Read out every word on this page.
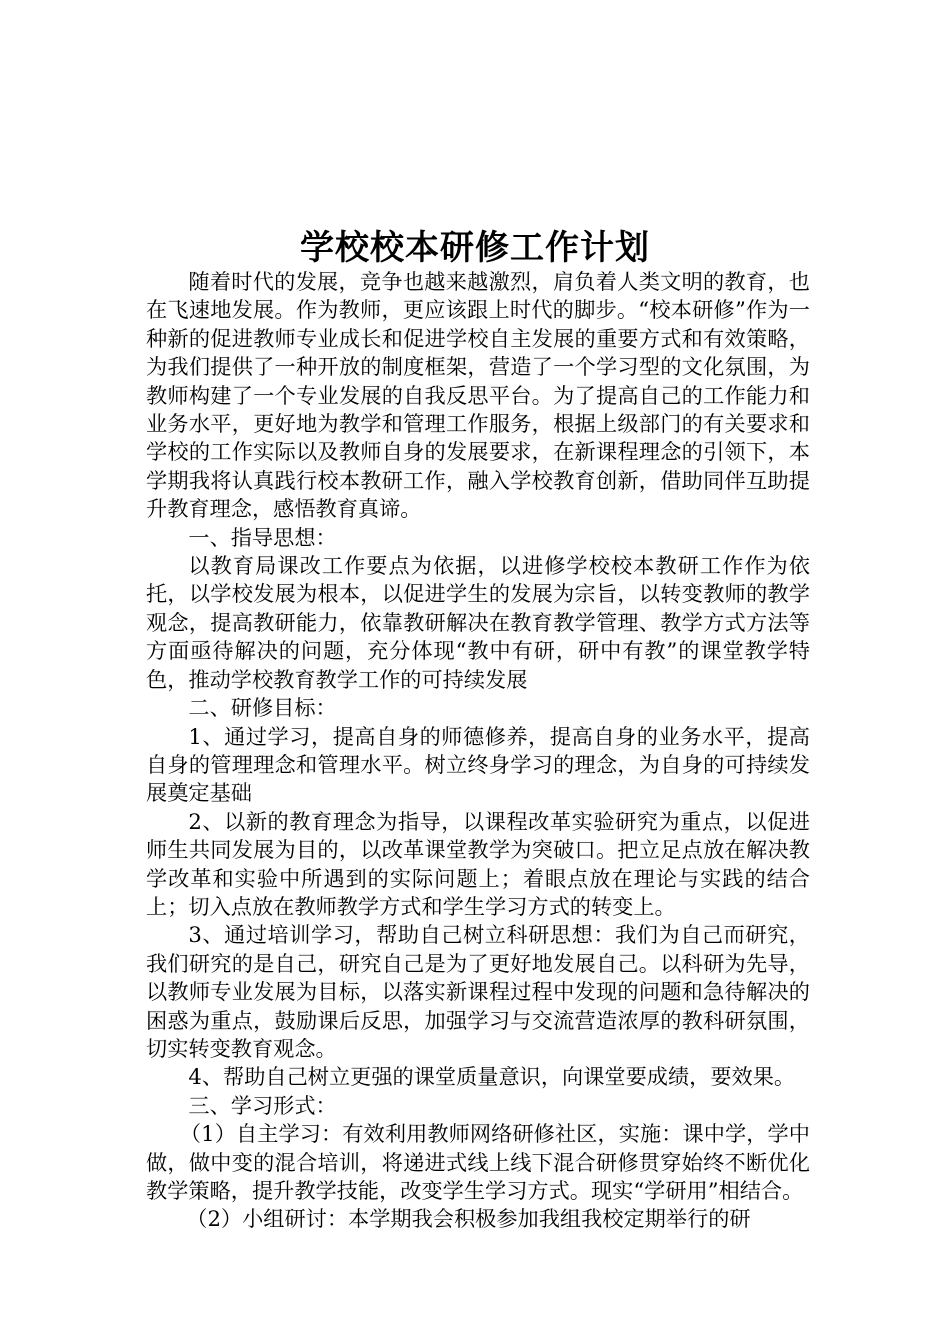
学校校本研修工作计划

随着时代的发展，竞争也越来越激烈，肩负着人类文明的教育，也在飞速地发展。作为教师，更应该跟上时代的脚步。“校本研修”作为一种新的促进教师专业成长和促进学校自主发展的重要方式和有效策略，为我们提供了一种开放的制度框架，营造了一个学习型的文化氛围，为教师构建了一个专业发展的自我反思平台。为了提高自己的工作能力和业务水平，更好地为教学和管理工作服务，根据上级部门的有关要求和学校的工作实际以及教师自身的发展要求，在新课程理念的引领下，本学期我将认真践行校本教研工作，融入学校教育创新，借助同伴互助提升教育理念，感悟教育真谛。

一、指导思想：

以教育局课改工作要点为依据，以进修学校校本教研工作作为依托，以学校发展为根本，以促进学生的发展为宗旨，以转变教师的教学观念，提高教研能力，依靠教研解决在教育教学管理、教学方式方法等方面亟待解决的问题，充分体现“教中有研，研中有教”的课堂教学特色，推动学校教育教学工作的可持续发展

二、研修目标：

1、通过学习，提高自身的师德修养，提高自身的业务水平，提高自身的管理理念和管理水平。树立终身学习的理念，为自身的可持续发展奠定基础

2、以新的教育理念为指导，以课程改革实验研究为重点，以促进师生共同发展为目的，以改革课堂教学为突破口。把立足点放在解决教学改革和实验中所遇到的实际问题上；着眼点放在理论与实践的结合上；切入点放在教师教学方式和学生学习方式的转变上。

3、通过培训学习，帮助自己树立科研思想：我们为自己而研究，我们研究的是自己，研究自己是为了更好地发展自己。以科研为先导，以教师专业发展为目标，以落实新课程过程中发现的问题和急待解决的困惑为重点，鼓励课后反思，加强学习与交流营造浓厚的教科研氛围，切实转变教育观念。

4、帮助自己树立更强的课堂质量意识，向课堂要成绩，要效果。

三、学习形式：

（1）自主学习：有效利用教师网络研修社区，实施：课中学，学中做，做中变的混合培训，将递进式线上线下混合研修贯穿始终不断优化教学策略，提升教学技能，改变学生学习方式。现实“学研用”相结合。

（2）小组研讨：本学期我会积极参加我组我校定期举行的研
